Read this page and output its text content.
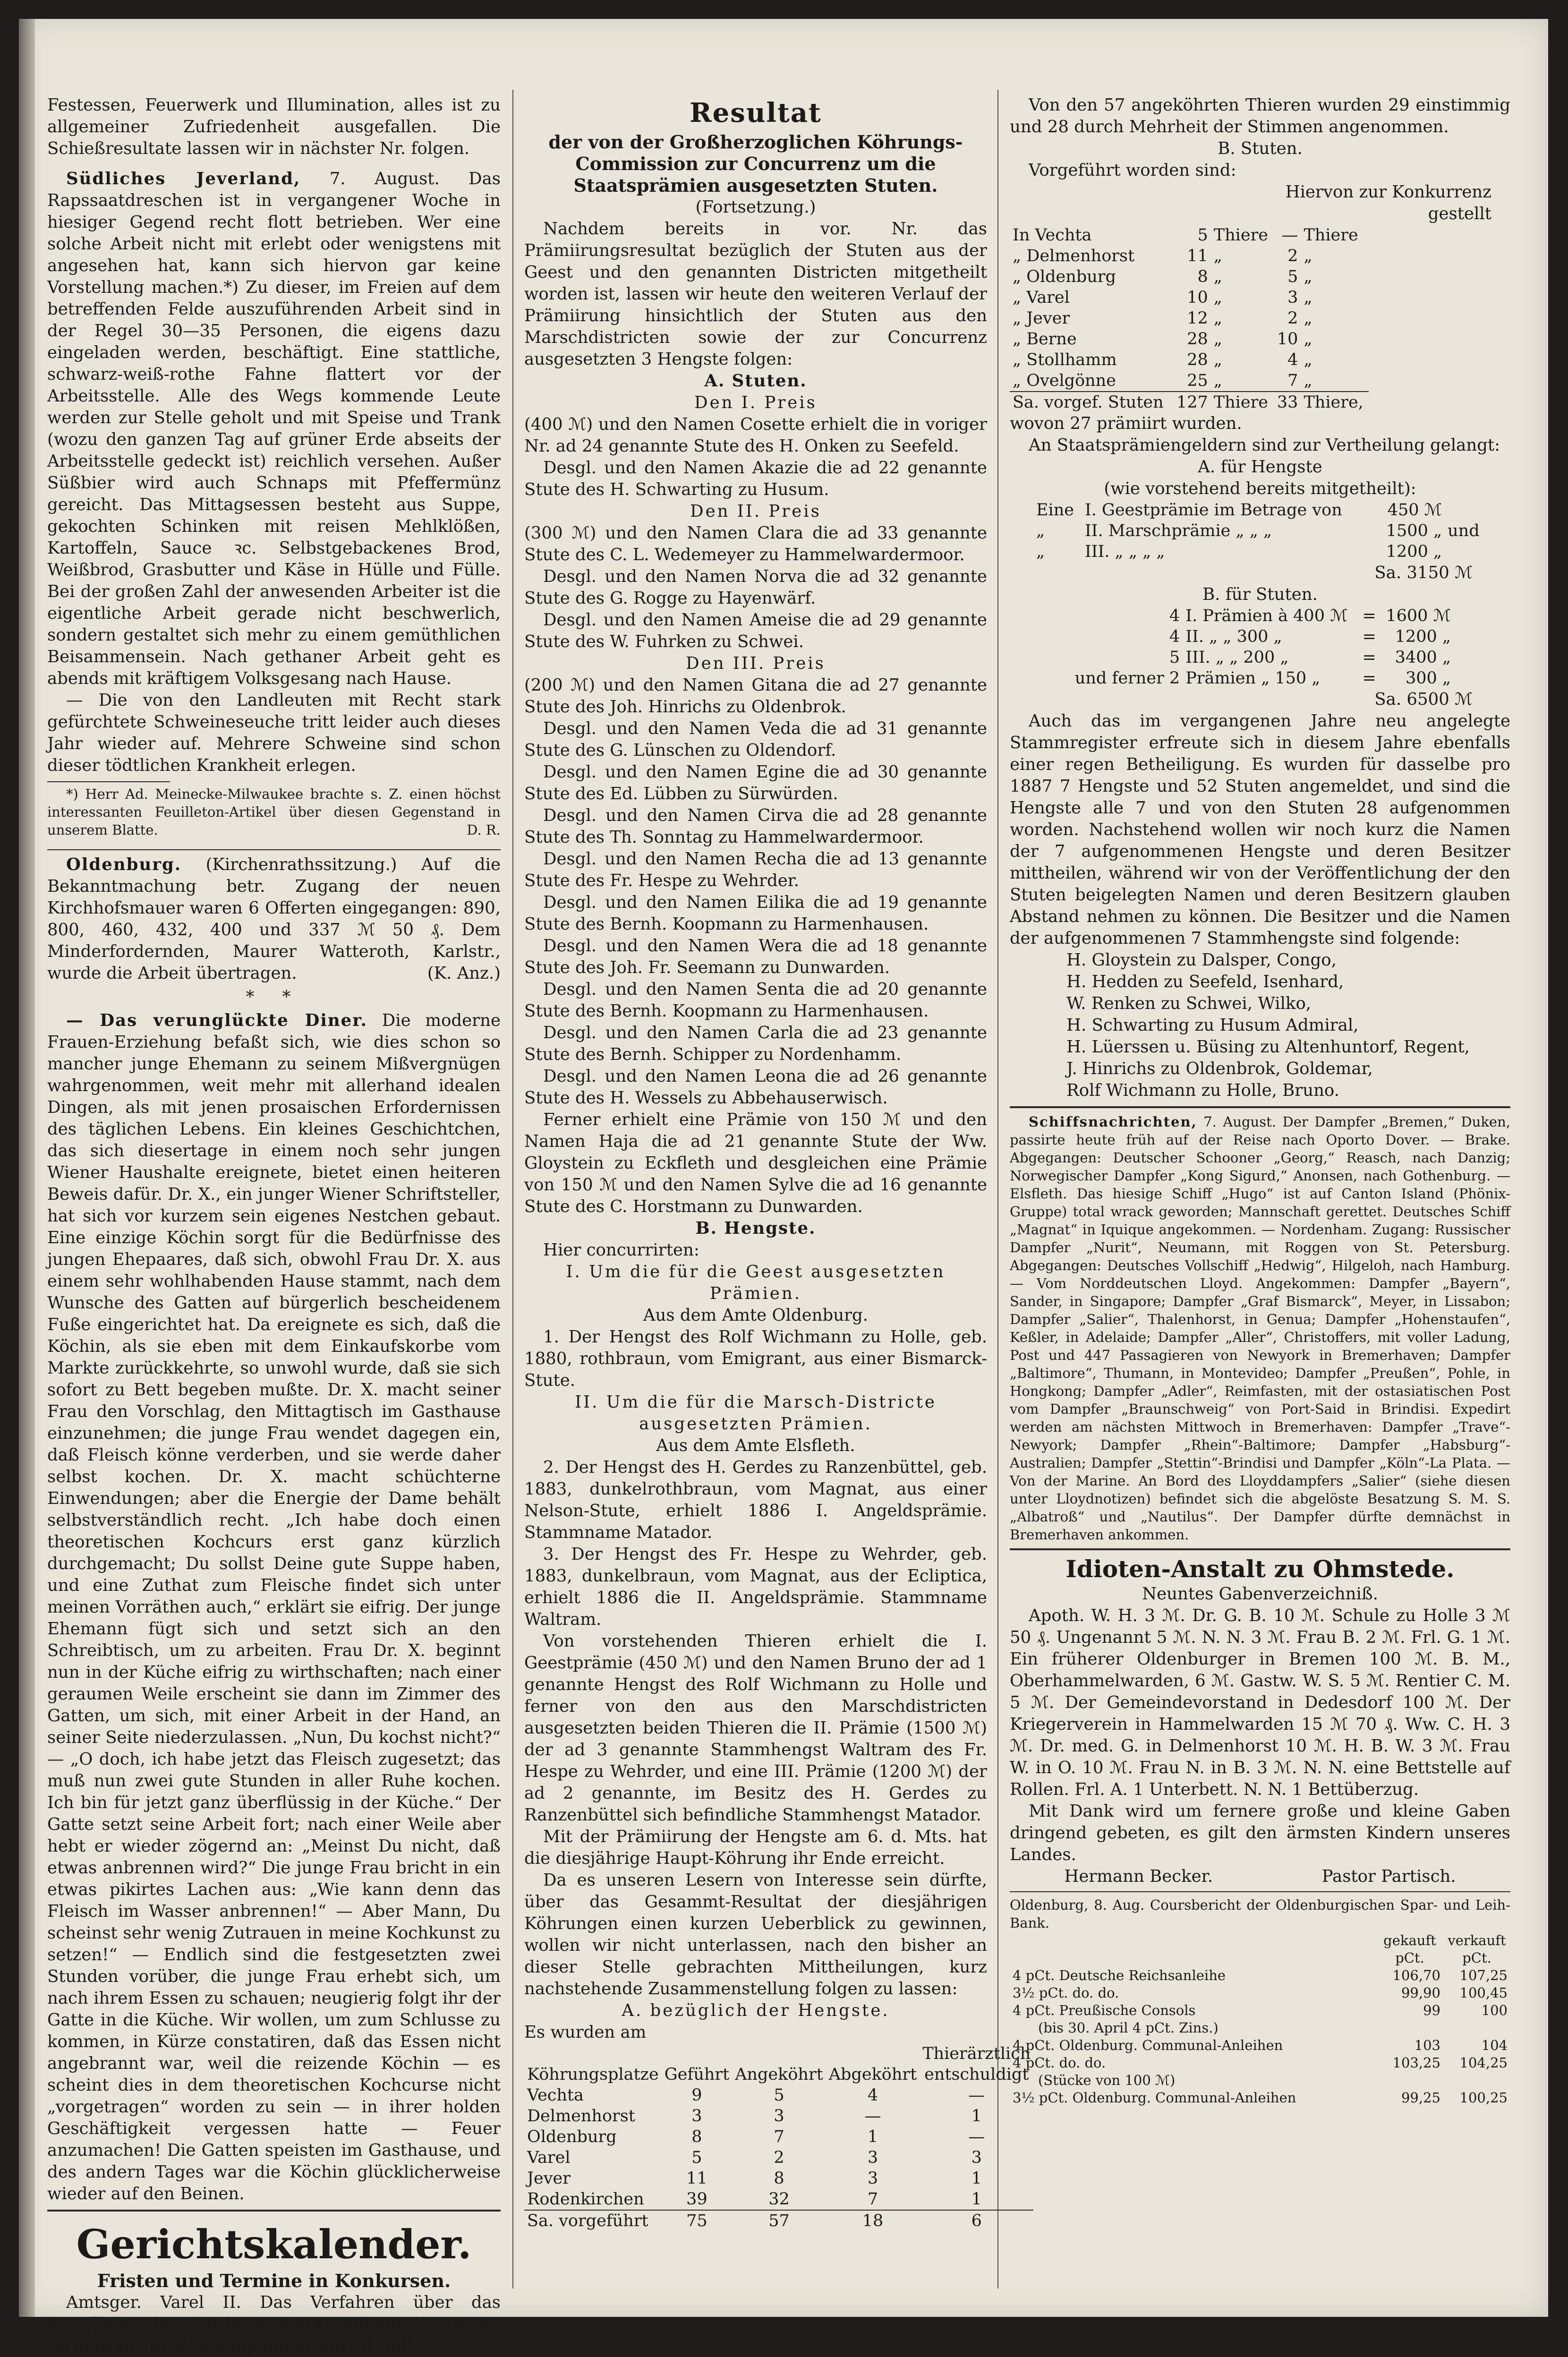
Festessen, Feuerwerk und Illumination, alles ist zu allgemeiner Zufriedenheit ausgefallen. Die Schießresultate lassen wir in nächster Nr. folgen.

Südliches Jeverland, 7. August. Das Rapssaatdreschen ist in vergangener Woche in hiesiger Gegend recht flott betrieben. Wer eine solche Arbeit nicht mit erlebt oder wenigstens mit angesehen hat, kann sich hiervon gar keine Vorstellung machen.*) Zu dieser, im Freien auf dem betreffenden Felde auszuführenden Arbeit sind in der Regel 30—35 Personen, die eigens dazu eingeladen werden, beschäftigt. Eine stattliche, schwarz-weiß-rothe Fahne flattert vor der Arbeitsstelle. Alle des Wegs kommende Leute werden zur Stelle geholt und mit Speise und Trank (wozu den ganzen Tag auf grüner Erde abseits der Arbeitsstelle gedeckt ist) reichlich versehen. Außer Süßbier wird auch Schnaps mit Pfeffermünz gereicht. Das Mittagsessen besteht aus Suppe, gekochten Schinken mit reisen Mehlklößen, Kartoffeln, Sauce ꝛc. Selbstgebackenes Brod, Weißbrod, Grasbutter und Käse in Hülle und Fülle. Bei der großen Zahl der anwesenden Arbeiter ist die eigentliche Arbeit gerade nicht beschwerlich, sondern gestaltet sich mehr zu einem gemüthlichen Beisammensein. Nach gethaner Arbeit geht es abends mit kräftigem Volksgesang nach Hause.

— Die von den Landleuten mit Recht stark gefürchtete Schweineseuche tritt leider auch dieses Jahr wieder auf. Mehrere Schweine sind schon dieser tödtlichen Krankheit erlegen.

*) Herr Ad. Meinecke-Milwaukee brachte s. Z. einen höchst interessanten Feuilleton-Artikel über diesen Gegenstand in unserem Blatte.	D. R.

Oldenburg. (Kirchenrathssitzung.) Auf die Bekanntmachung betr. Zugang der neuen Kirchhofsmauer waren 6 Offerten eingegangen: 890, 800, 460, 432, 400 und 337 ℳ 50 ₰. Dem Minderfordernden, Maurer Watteroth, Karlstr., wurde die Arbeit übertragen.	(K. Anz.)

* *

— Das verunglückte Diner. Die moderne Frauen-Erziehung befaßt sich, wie dies schon so mancher junge Ehemann zu seinem Mißvergnügen wahrgenommen, weit mehr mit allerhand idealen Dingen, als mit jenen prosaischen Erfordernissen des täglichen Lebens. Ein kleines Geschichtchen, das sich diesertage in einem noch sehr jungen Wiener Haushalte ereignete, bietet einen heiteren Beweis dafür. Dr. X., ein junger Wiener Schriftsteller, hat sich vor kurzem sein eigenes Nestchen gebaut. Eine einzige Köchin sorgt für die Bedürfnisse des jungen Ehepaares, daß sich, obwohl Frau Dr. X. aus einem sehr wohlhabenden Hause stammt, nach dem Wunsche des Gatten auf bürgerlich bescheidenem Fuße eingerichtet hat. Da ereignete es sich, daß die Köchin, als sie eben mit dem Einkaufskorbe vom Markte zurückkehrte, so unwohl wurde, daß sie sich sofort zu Bett begeben mußte. Dr. X. macht seiner Frau den Vorschlag, den Mittagtisch im Gasthause einzunehmen; die junge Frau wendet dagegen ein, daß Fleisch könne verderben, und sie werde daher selbst kochen. Dr. X. macht schüchterne Einwendungen; aber die Energie der Dame behält selbstverständlich recht. „Ich habe doch einen theoretischen Kochcurs erst ganz kürzlich durchgemacht; Du sollst Deine gute Suppe haben, und eine Zuthat zum Fleische findet sich unter meinen Vorräthen auch,“ erklärt sie eifrig. Der junge Ehemann fügt sich und setzt sich an den Schreibtisch, um zu arbeiten. Frau Dr. X. beginnt nun in der Küche eifrig zu wirthschaften; nach einer geraumen Weile erscheint sie dann im Zimmer des Gatten, um sich, mit einer Arbeit in der Hand, an seiner Seite niederzulassen. „Nun, Du kochst nicht?“ — „O doch, ich habe jetzt das Fleisch zugesetzt; das muß nun zwei gute Stunden in aller Ruhe kochen. Ich bin für jetzt ganz überflüssig in der Küche.“ Der Gatte setzt seine Arbeit fort; nach einer Weile aber hebt er wieder zögernd an: „Meinst Du nicht, daß etwas anbrennen wird?“ Die junge Frau bricht in ein etwas pikirtes Lachen aus: „Wie kann denn das Fleisch im Wasser anbrennen!“ — Aber Mann, Du scheinst sehr wenig Zutrauen in meine Kochkunst zu setzen!“ — Endlich sind die festgesetzten zwei Stunden vorüber, die junge Frau erhebt sich, um nach ihrem Essen zu schauen; neugierig folgt ihr der Gatte in die Küche. Wir wollen, um zum Schlusse zu kommen, in Kürze constatiren, daß das Essen nicht angebrannt war, weil die reizende Köchin — es scheint dies in dem theoretischen Kochcurse nicht „vorgetragen“ worden zu sein — in ihrer holden Geschäftigkeit vergessen hatte — Feuer anzumachen! Die Gatten speisten im Gasthause, und des andern Tages war die Köchin glücklicherweise wieder auf den Beinen.

Gerichtskalender.
Fristen und Termine in Konkursen.

Amtsger. Varel II. Das Verfahren über das Vermögen des Sattlermeisters Wilhelm Hermann Jürgens in Varel ist aufgehoben am 26. Juli.

Resultat
der von der Großherzoglichen Köhrungs-Commission zur Concurrenz um die Staatsprämien ausgesetzten Stuten.
(Fortsetzung.)

Nachdem bereits in vor. Nr. das Prämiirungsresultat bezüglich der Stuten aus der Geest und den genannten Districten mitgetheilt worden ist, lassen wir heute den weiteren Verlauf der Prämiirung hinsichtlich der Stuten aus den Marschdistricten sowie der zur Concurrenz ausgesetzten 3 Hengste folgen:

A. Stuten.
Den I. Preis

(400 ℳ) und den Namen Cosette erhielt die in voriger Nr. ad 24 genannte Stute des H. Onken zu Seefeld.

Desgl. und den Namen Akazie die ad 22 genannte Stute des H. Schwarting zu Husum.

Den II. Preis

(300 ℳ) und den Namen Clara die ad 33 genannte Stute des C. L. Wedemeyer zu Hammelwardermoor.

Desgl. und den Namen Norva die ad 32 genannte Stute des G. Rogge zu Hayenwärf.

Desgl. und den Namen Ameise die ad 29 genannte Stute des W. Fuhrken zu Schwei.

Den III. Preis

(200 ℳ) und den Namen Gitana die ad 27 genannte Stute des Joh. Hinrichs zu Oldenbrok.

Desgl. und den Namen Veda die ad 31 genannte Stute des G. Lünschen zu Oldendorf.

Desgl. und den Namen Egine die ad 30 genannte Stute des Ed. Lübben zu Sürwürden.

Desgl. und den Namen Cirva die ad 28 genannte Stute des Th. Sonntag zu Hammelwardermoor.

Desgl. und den Namen Recha die ad 13 genannte Stute des Fr. Hespe zu Wehrder.

Desgl. und den Namen Eilika die ad 19 genannte Stute des Bernh. Koopmann zu Harmenhausen.

Desgl. und den Namen Wera die ad 18 genannte Stute des Joh. Fr. Seemann zu Dunwarden.

Desgl. und den Namen Senta die ad 20 genannte Stute des Bernh. Koopmann zu Harmenhausen.

Desgl. und den Namen Carla die ad 23 genannte Stute des Bernh. Schipper zu Nordenhamm.

Desgl. und den Namen Leona die ad 26 genannte Stute des H. Wessels zu Abbehauserwisch.

Ferner erhielt eine Prämie von 150 ℳ und den Namen Haja die ad 21 genannte Stute der Ww. Gloystein zu Eckfleth und desgleichen eine Prämie von 150 ℳ und den Namen Sylve die ad 16 genannte Stute des C. Horstmann zu Dunwarden.

B. Hengste.

Hier concurrirten:

I. Um die für die Geest ausgesetzten Prämien.
Aus dem Amte Oldenburg.

1. Der Hengst des Rolf Wichmann zu Holle, geb. 1880, rothbraun, vom Emigrant, aus einer Bismarck-Stute.

II. Um die für die Marsch-Districte ausgesetzten Prämien.
Aus dem Amte Elsfleth.

2. Der Hengst des H. Gerdes zu Ranzenbüttel, geb. 1883, dunkelrothbraun, vom Magnat, aus einer Nelson-Stute, erhielt 1886 I. Angeldsprämie. Stammname Matador.

3. Der Hengst des Fr. Hespe zu Wehrder, geb. 1883, dunkelbraun, vom Magnat, aus der Ecliptica, erhielt 1886 die II. Angeldsprämie. Stammname Waltram.

Von vorstehenden Thieren erhielt die I. Geestprämie (450 ℳ) und den Namen Bruno der ad 1 genannte Hengst des Rolf Wichmann zu Holle und ferner von den aus den Marschdistricten ausgesetzten beiden Thieren die II. Prämie (1500 ℳ) der ad 3 genannte Stammhengst Waltram des Fr. Hespe zu Wehrder, und eine III. Prämie (1200 ℳ) der ad 2 genannte, im Besitz des H. Gerdes zu Ranzenbüttel sich befindliche Stammhengst Matador.

Mit der Prämiirung der Hengste am 6. d. Mts. hat die diesjährige Haupt-Köhrung ihr Ende erreicht.

Da es unseren Lesern von Interesse sein dürfte, über das Gesammt-Resultat der diesjährigen Köhrungen einen kurzen Ueberblick zu gewinnen, wollen wir nicht unterlassen, nach den bisher an dieser Stelle gebrachten Mittheilungen, kurz nachstehende Zusammenstellung folgen zu lassen:

A. bezüglich der Hengste.

Es wurden am

Köhrungsplatze	Geführt	Angeköhrt	Abgeköhrt	Thierärztlich entschuldigt
Vechta	9	5	4	—
Delmenhorst	3	3	—	1
Oldenburg	8	7	1	—
Varel	5	2	3	3
Jever	11	8	3	1
Rodenkirchen	39	32	7	1
Sa. vorgeführt	75	57	18	6

Von den 57 angeköhrten Thieren wurden 29 einstimmig und 28 durch Mehrheit der Stimmen angenommen.

B. Stuten.

Vorgeführt worden sind:

Hiervon zur Konkurrenz gestellt
In Vechta	5	Thiere	—	Thiere
„ Delmenhorst	11	„	2	„
„ Oldenburg	8	„	5	„
„ Varel	10	„	3	„
„ Jever	12	„	2	„
„ Berne	28	„	10	„
„ Stollhamm	28	„	4	„
„ Ovelgönne	25	„	7	„
Sa. vorgef. Stuten	127	Thiere	33	Thiere,

wovon 27 prämiirt wurden.

An Staatsprämiengeldern sind zur Vertheilung gelangt:

A. für Hengste
(wie vorstehend bereits mitgetheilt):
Eine	I. Geestprämie im Betrage von	450 ℳ	
„	II. Marschprämie „ „ „	1500 „	und
„	III. „ „ „ „	1200 „	
Sa. 3150 ℳ
B. für Stuten.
4	I. Prämien à 400 ℳ	=	1600 ℳ
4	II. „ „ 300 „	=	1200 „
5	III. „ „ 200 „	=	3400 „
und ferner 2	Prämien „ 150 „	=	300 „
Sa. 6500 ℳ

Auch das im vergangenen Jahre neu angelegte Stammregister erfreute sich in diesem Jahre ebenfalls einer regen Betheiligung. Es wurden für dasselbe pro 1887 7 Hengste und 52 Stuten angemeldet, und sind die Hengste alle 7 und von den Stuten 28 aufgenommen worden. Nachstehend wollen wir noch kurz die Namen der 7 aufgenommenen Hengste und deren Besitzer mittheilen, während wir von der Veröffentlichung der den Stuten beigelegten Namen und deren Besitzern glauben Abstand nehmen zu können. Die Besitzer und die Namen der aufgenommenen 7 Stammhengste sind folgende:

H. Gloystein zu Dalsper, Congo,
H. Hedden zu Seefeld, Isenhard,
W. Renken zu Schwei, Wilko,
H. Schwarting zu Husum Admiral,
H. Lüerssen u. Büsing zu Altenhuntorf, Regent,
J. Hinrichs zu Oldenbrok, Goldemar,
Rolf Wichmann zu Holle, Bruno.

Schiffsnachrichten, 7. August. Der Dampfer „Bremen,“ Duken, passirte heute früh auf der Reise nach Oporto Dover. — Brake. Abgegangen: Deutscher Schooner „Georg,“ Reasch, nach Danzig; Norwegischer Dampfer „Kong Sigurd,“ Anonsen, nach Gothenburg. — Elsfleth. Das hiesige Schiff „Hugo“ ist auf Canton Island (Phönix-Gruppe) total wrack geworden; Mannschaft gerettet. Deutsches Schiff „Magnat“ in Iquique angekommen. — Nordenham. Zugang: Russischer Dampfer „Nurit“, Neumann, mit Roggen von St. Petersburg. Abgegangen: Deutsches Vollschiff „Hedwig“, Hilgeloh, nach Hamburg. — Vom Norddeutschen Lloyd. Angekommen: Dampfer „Bayern“, Sander, in Singapore; Dampfer „Graf Bismarck“, Meyer, in Lissabon; Dampfer „Salier“, Thalenhorst, in Genua; Dampfer „Hohenstaufen“, Keßler, in Adelaide; Dampfer „Aller“, Christoffers, mit voller Ladung, Post und 447 Passagieren von Newyork in Bremerhaven; Dampfer „Baltimore“, Thumann, in Montevideo; Dampfer „Preußen“, Pohle, in Hongkong; Dampfer „Adler“, Reimfasten, mit der ostasiatischen Post vom Dampfer „Braunschweig“ von Port-Said in Brindisi. Expedirt werden am nächsten Mittwoch in Bremerhaven: Dampfer „Trave“-Newyork; Dampfer „Rhein“-Baltimore; Dampfer „Habsburg“-Australien; Dampfer „Stettin“-Brindisi und Dampfer „Köln“-La Plata. — Von der Marine. An Bord des Lloyddampfers „Salier“ (siehe diesen unter Lloydnotizen) befindet sich die abgelöste Besatzung S. M. S. „Albatroß“ und „Nautilus“. Der Dampfer dürfte demnächst in Bremerhaven ankommen.

Idioten-Anstalt zu Ohmstede.
Neuntes Gabenverzeichniß.

Apoth. W. H. 3 ℳ. Dr. G. B. 10 ℳ. Schule zu Holle 3 ℳ 50 ₰. Ungenannt 5 ℳ. N. N. 3 ℳ. Frau B. 2 ℳ. Frl. G. 1 ℳ. Ein früherer Oldenburger in Bremen 100 ℳ. B. M., Oberhammelwarden, 6 ℳ. Gastw. W. S. 5 ℳ. Rentier C. M. 5 ℳ. Der Gemeindevorstand in Dedesdorf 100 ℳ. Der Kriegerverein in Hammelwarden 15 ℳ 70 ₰. Ww. C. H. 3 ℳ. Dr. med. G. in Delmenhorst 10 ℳ. H. B. W. 3 ℳ. Frau W. in O. 10 ℳ. Frau N. in B. 3 ℳ. N. N. eine Bettstelle auf Rollen. Frl. A. 1 Unterbett. N. N. 1 Bettüberzug.

Mit Dank wird um fernere große und kleine Gaben dringend gebeten, es gilt den ärmsten Kindern unseres Landes.

Hermann Becker.	Pastor Partisch.
Oldenburg, 8. Aug. Coursbericht der Oldenburgischen Spar- und Leih-Bank.
	gekauft	verkauft
	pCt.	pCt.
4 pCt. Deutsche Reichsanleihe	106,70	107,25
3½ pCt. do. do.	99,90	100,45
4 pCt. Preußische Consols	99	100
(bis 30. April 4 pCt. Zins.)		
4 pCt. Oldenburg. Communal-Anleihen	103	104
4 pCt. do. do.	103,25	104,25
(Stücke von 100 ℳ)		
3½ pCt. Oldenburg. Communal-Anleihen	99,25	100,25
